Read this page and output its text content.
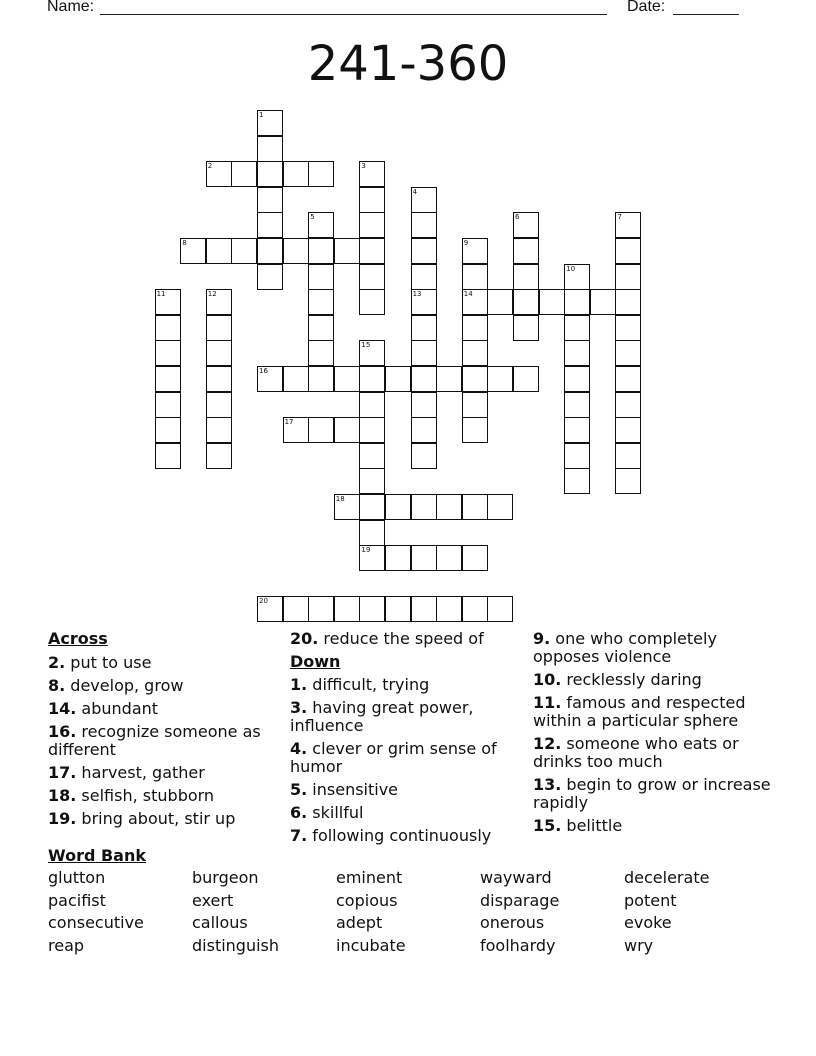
Name:	Date:
241-360
1
2	3
4
5	6	7
8	9
10
11	12	13	14
15
16
17
18
19
20
Across
2. put to use
8. develop, grow
14. abundant
16. recognize someone as different
17. harvest, gather
18. selfish, stubborn
19. bring about, stir up
20. reduce the speed of
Down
1. difficult, trying
3. having great power, influence
4. clever or grim sense of humor
5. insensitive
6. skillful
7. following continuously
9. one who completely opposes violence
10. recklessly daring
11. famous and respected within a particular sphere
12. someone who eats or drinks too much
13. begin to grow or increase rapidly
15. belittle
Word Bank
glutton	burgeon	eminent	wayward	decelerate
pacifist	exert	copious	disparage	potent
consecutive	callous	adept	onerous	evoke
reap	distinguish	incubate	foolhardy	wry
